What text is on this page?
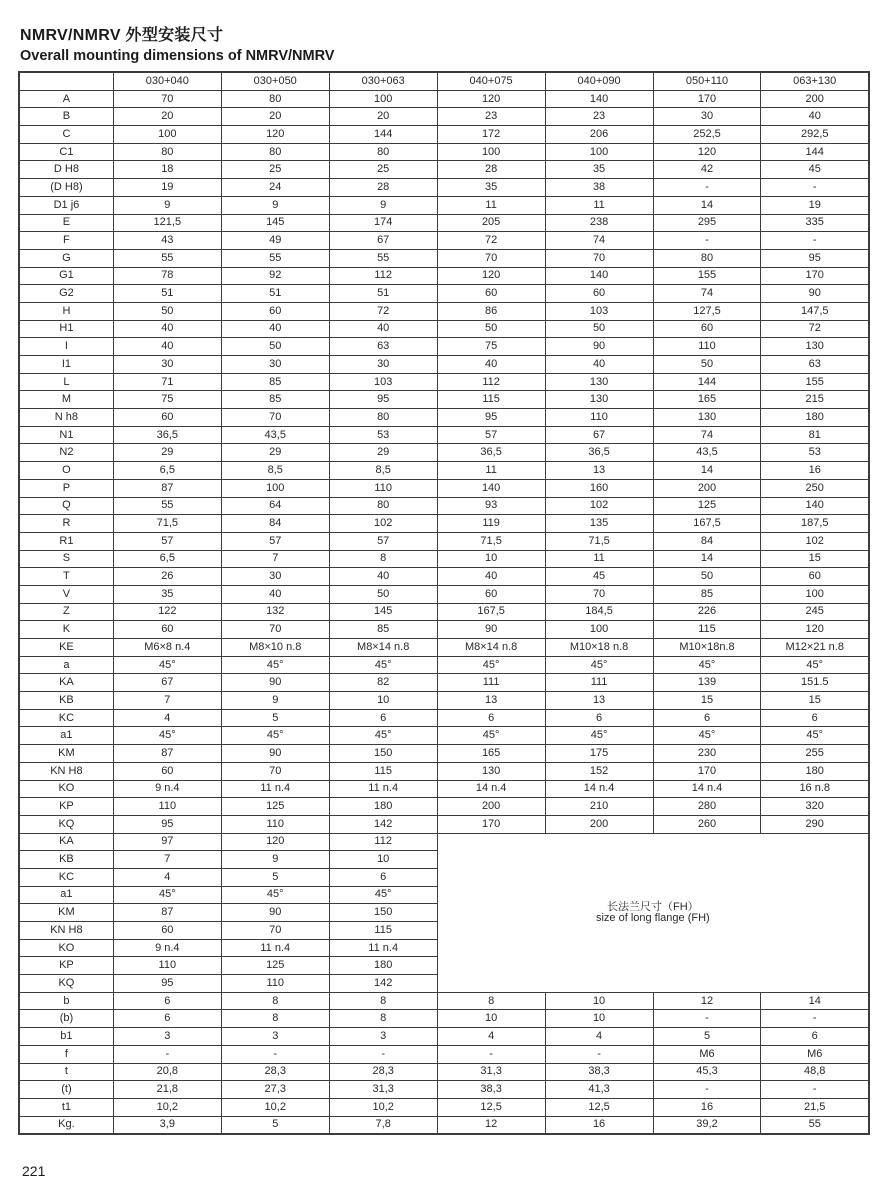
NMRV/NMRV 外型安装尺寸
Overall mounting dimensions of NMRV/NMRV
	030+040	030+050	030+063	040+075	040+090	050+110	063+130
A	70	80	100	120	140	170	200
B	20	20	20	23	23	30	40
C	100	120	144	172	206	252,5	292,5
C1	80	80	80	100	100	120	144
D H8	18	25	25	28	35	42	45
(D H8)	19	24	28	35	38	-	-
D1 j6	9	9	9	11	11	14	19
E	121,5	145	174	205	238	295	335
F	43	49	67	72	74	-	-
G	55	55	55	70	70	80	95
G1	78	92	112	120	140	155	170
G2	51	51	51	60	60	74	90
H	50	60	72	86	103	127,5	147,5
H1	40	40	40	50	50	60	72
I	40	50	63	75	90	110	130
I1	30	30	30	40	40	50	63
L	71	85	103	112	130	144	155
M	75	85	95	115	130	165	215
N h8	60	70	80	95	110	130	180
N1	36,5	43,5	53	57	67	74	81
N2	29	29	29	36,5	36,5	43,5	53
O	6,5	8,5	8,5	11	13	14	16
P	87	100	110	140	160	200	250
Q	55	64	80	93	102	125	140
R	71,5	84	102	119	135	167,5	187,5
R1	57	57	57	71,5	71,5	84	102
S	6,5	7	8	10	11	14	15
T	26	30	40	40	45	50	60
V	35	40	50	60	70	85	100
Z	122	132	145	167,5	184,5	226	245
K	60	70	85	90	100	115	120
KE	M6×8 n.4	M8×10 n.8	M8×14 n.8	M8×14 n.8	M10×18 n.8	M10×18n.8	M12×21 n.8
a	45°	45°	45°	45°	45°	45°	45°
KA	67	90	82	111	111	139	151.5
KB	7	9	10	13	13	15	15
KC	4	5	6	6	6	6	6
a1	45°	45°	45°	45°	45°	45°	45°
KM	87	90	150	165	175	230	255
KN H8	60	70	115	130	152	170	180
KO	9 n.4	11 n.4	11 n.4	14 n.4	14 n.4	14 n.4	16 n.8
KP	110	125	180	200	210	280	320
KQ	95	110	142	170	200	260	290
KA	97	120	112	长法兰尺寸（FH）
size of long flange (FH)			

KB	7	9	10				
KC	4	5	6				
a1	45°	45°	45°				
KM	87	90	150				
KN H8	60	70	115				
KO	9 n.4	11 n.4	11 n.4				
KP	110	125	180				
KQ	95	110	142				
b	6	8	8	8	10	12	14
(b)	6	8	8	10	10	-	-
b1	3	3	3	4	4	5	6
f	-	-	-	-	-	M6	M6
t	20,8	28,3	28,3	31,3	38,3	45,3	48,8
(t)	21,8	27,3	31,3	38,3	41,3	-	-
t1	10,2	10,2	10,2	12,5	12,5	16	21,5
Kg.	3,9	5	7,8	12	16	39,2	55
221
